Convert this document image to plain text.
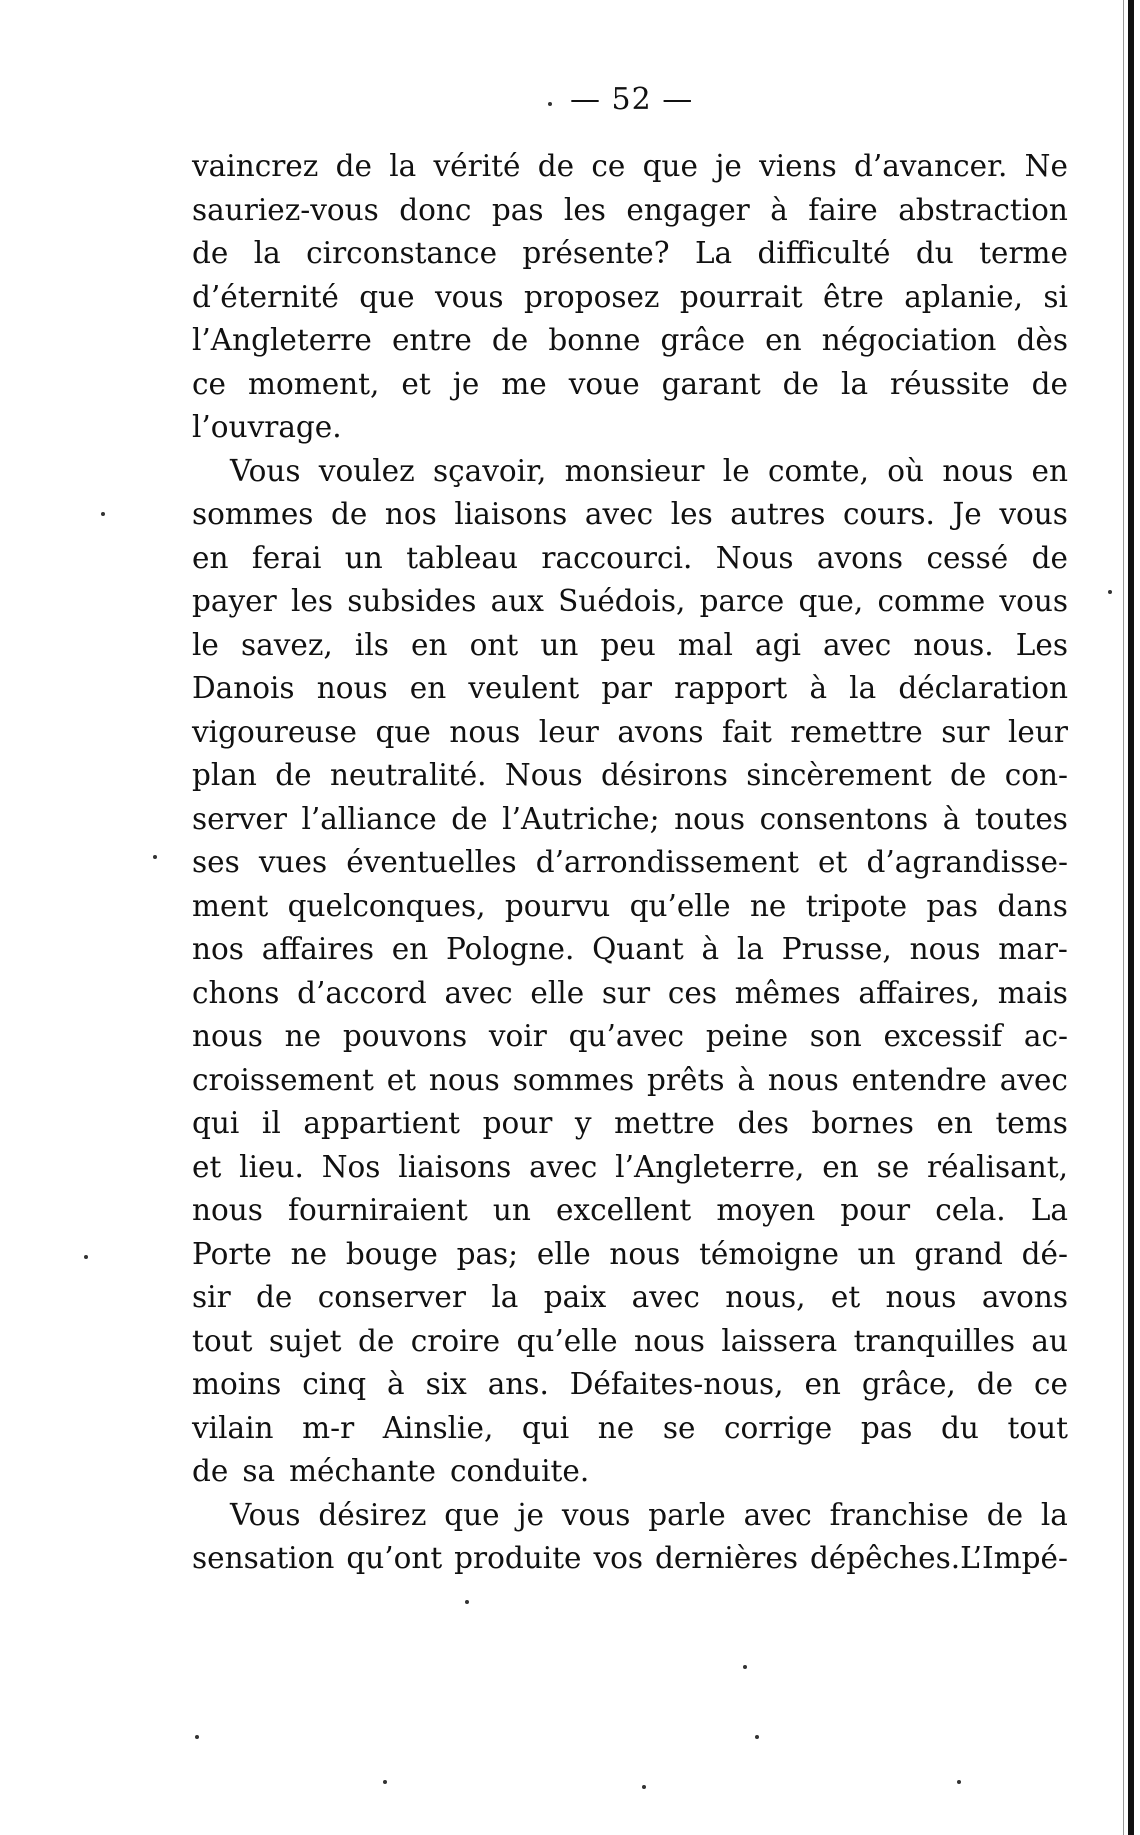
— 52 —
vaincrez de la vérité de ce que je viens d’avancer. Ne
sauriez-vous donc pas les engager à faire abstraction
de la circonstance présente? La difficulté du terme
d’éternité que vous proposez pourrait être aplanie, si
l’Angleterre entre de bonne grâce en négociation dès
ce moment, et je me voue garant de la réussite de
l’ouvrage.
Vous voulez sçavoir, monsieur le comte, où nous en
sommes de nos liaisons avec les autres cours. Je vous
en ferai un tableau raccourci. Nous avons cessé de
payer les subsides aux Suédois, parce que, comme vous
le savez, ils en ont un peu mal agi avec nous. Les
Danois nous en veulent par rapport à la déclaration
vigoureuse que nous leur avons fait remettre sur leur
plan de neutralité. Nous désirons sincèrement de con-
server l’alliance de l’Autriche; nous consentons à toutes
ses vues éventuelles d’arrondissement et d’agrandisse-
ment quelconques, pourvu qu’elle ne tripote pas dans
nos affaires en Pologne. Quant à la Prusse, nous mar-
chons d’accord avec elle sur ces mêmes affaires, mais
nous ne pouvons voir qu’avec peine son excessif ac-
croissement et nous sommes prêts à nous entendre avec
qui il appartient pour y mettre des bornes en tems
et lieu. Nos liaisons avec l’Angleterre, en se réalisant,
nous fourniraient un excellent moyen pour cela. La
Porte ne bouge pas; elle nous témoigne un grand dé-
sir de conserver la paix avec nous, et nous avons
tout sujet de croire qu’elle nous laissera tranquilles au
moins cinq à six ans. Défaites-nous, en grâce, de ce
vilain m-r Ainslie, qui ne se corrige pas du tout
de sa méchante conduite.
Vous désirez que je vous parle avec franchise de la
sensation qu’ont produite vos dernières dépêches.L’Impé-
